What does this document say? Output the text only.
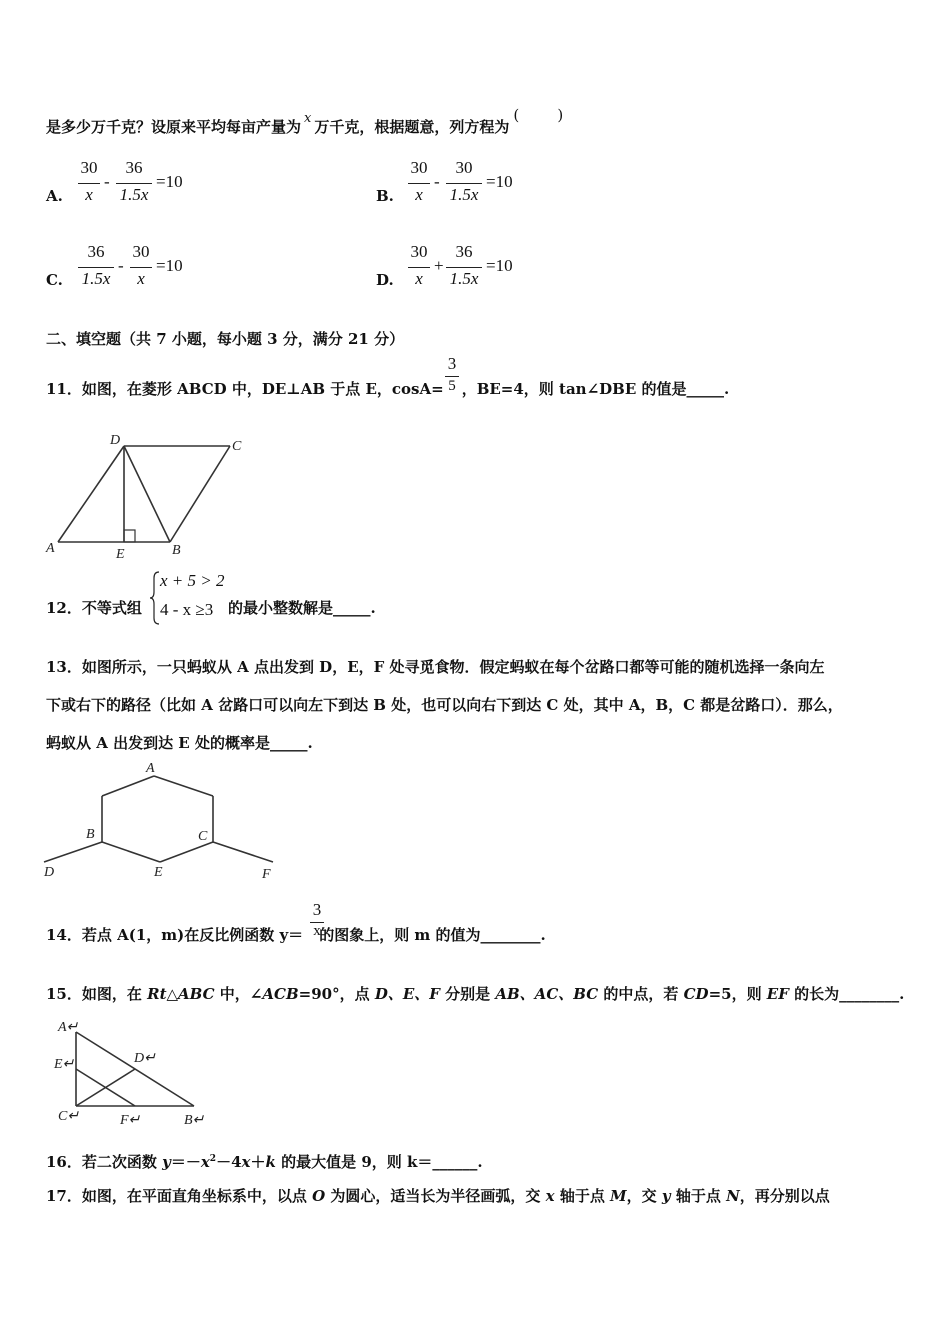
是多少万千克？设原来平均每亩产量为 x 万千克，根据题意，列方程为(        )
A.
30
x
-
36
1.5x
=10
B.
30
x
-
30
1.5x
=10
C.
36
1.5x
-
30
x
=10
D.
30
x
+
36
1.5x
=10
二、填空题（共 7 小题，每小题 3 分，满分 21 分）
11．如图，在菱形 ABCD 中，DE⊥AB 于点 E，cosA= ，BE=4，则 tan∠DBE 的值是_____.
3
5
A
D	C
B
E
12．不等式组
x + 5 > 2
4 - x ≥3 的最小整数解是_____.
13．如图所示，一只蚂蚁从 A 点出发到 D，E，F 处寻觅食物．假定蚂蚁在每个岔路口都等可能的随机选择一条向左
下或右下的路径（比如 A 岔路口可以向左下到达 B 处，也可以向右下到达 C 处，其中 A，B，C 都是岔路口）．那么，
蚂蚁从 A 出发到达 E 处的概率是_____.
A
B	C
D	E	F
14．若点 A(1，m)在反比例函数 y＝ 的图象上，则 m 的值为________.
3
x
15．如图，在 Rt△ABC 中，∠ACB=90°，点 D、E、F 分别是 AB、AC、BC 的中点，若 CD=5，则 EF 的长为________.
A↵
E↵	D↵
C↵	F↵	B↵
16．若二次函数 $y=-x^2-4x+k$ 的最大值是 9，则 k＝______.
17．如图，在平面直角坐标系中，以点 O 为圆心，适当长为半径画弧，交 x 轴于点 M，交 y 轴于点 N，再分别以点
